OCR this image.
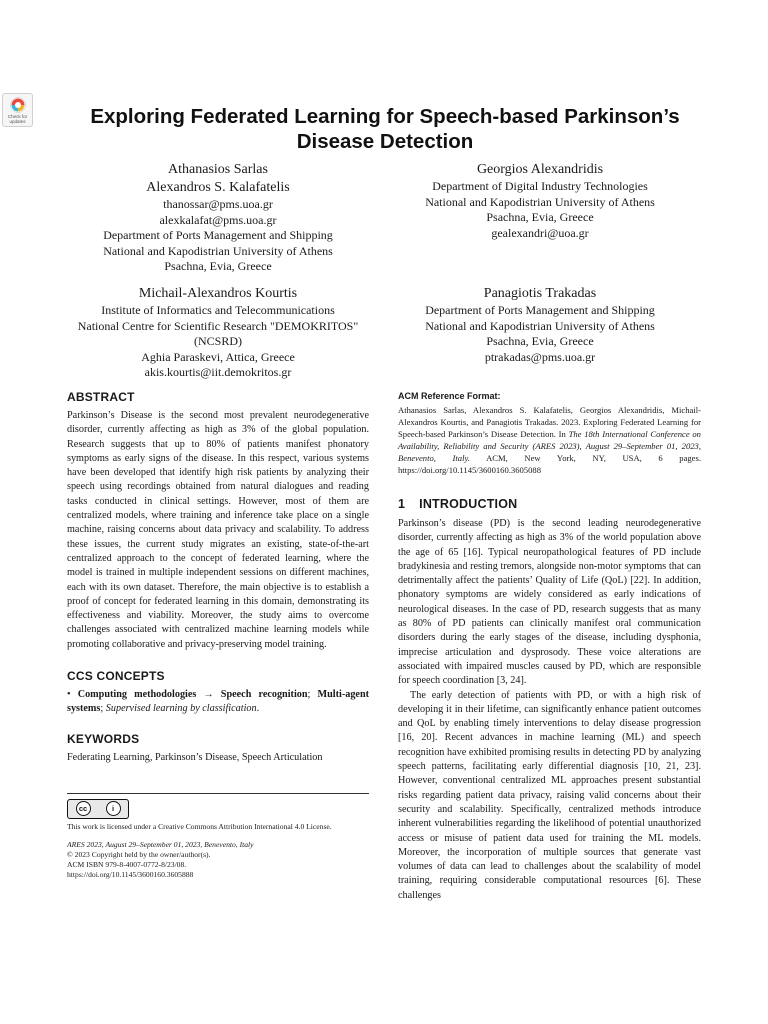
Check for
updates	Exploring Federated Learning for Speech-based Parkinson’s Disease Detection
Athanasios Sarlas
Alexandros S. Kalafatelis
thanossar@pms.uoa.gr
alexkalafat@pms.uoa.gr
Department of Ports Management and Shipping
National and Kapodistrian University of Athens
Psachna, Evia, Greece
Georgios Alexandridis
Department of Digital Industry Technologies
National and Kapodistrian University of Athens
Psachna, Evia, Greece
gealexandri@uoa.gr
Michail-Alexandros Kourtis
Institute of Informatics and Telecommunications
National Centre for Scientific Research "DEMOKRITOS"
(NCSRD)
Aghia Paraskevi, Attica, Greece
akis.kourtis@iit.demokritos.gr
Panagiotis Trakadas
Department of Ports Management and Shipping
National and Kapodistrian University of Athens
Psachna, Evia, Greece
ptrakadas@pms.uoa.gr
ABSTRACT

Parkinson’s Disease is the second most prevalent neurodegenerative disorder, currently affecting as high as 3% of the global population. Research suggests that up to 80% of patients manifest phonatory symptoms as early signs of the disease. In this respect, various systems have been developed that identify high risk patients by analyzing their speech using recordings obtained from natural dialogues and reading tasks conducted in clinical settings. However, most of them are centralized models, where training and inference take place on a single machine, raising concerns about data privacy and scalability. To address these issues, the current study migrates an existing, state-of-the-art centralized approach to the concept of federated learning, where the model is trained in multiple independent sessions on different machines, each with its own dataset. Therefore, the main objective is to establish a proof of concept for federated learning in this domain, demonstrating its effectiveness and viability. Moreover, the study aims to overcome challenges associated with centralized machine learning models while promoting collaborative and privacy-preserving model training.

CCS CONCEPTS

• Computing methodologies → Speech recognition; Multi-agent systems; Supervised learning by classification.

KEYWORDS

Federating Learning, Parkinson’s Disease, Speech Articulation

cc	i

This work is licensed under a Creative Commons Attribution International 4.0 License.

ARES 2023, August 29–September 01, 2023, Benevento, Italy

© 2023 Copyright held by the owner/author(s).

ACM ISBN 979-8-4007-0772-8/23/08.

https://doi.org/10.1145/3600160.3605888

ACM Reference Format:

Athanasios Sarlas, Alexandros S. Kalafatelis, Georgios Alexandridis, Michail-Alexandros Kourtis, and Panagiotis Trakadas. 2023. Exploring Federated Learning for Speech-based Parkinson’s Disease Detection. In The 18th International Conference on Availability, Reliability and Security (ARES 2023), August 29–September 01, 2023, Benevento, Italy. ACM, New York, NY, USA, 6 pages. https://doi.org/10.1145/3600160.3605088

1 INTRODUCTION

Parkinson’s disease (PD) is the second leading neurodegenerative disorder, currently affecting as high as 3% of the world population above the age of 65 [16]. Typical neuropathological features of PD include bradykinesia and resting tremors, alongside non-motor symptoms that can detrimentally affect the patients’ Quality of Life (QoL) [22]. In addition, phonatory symptoms are widely considered as early indications of neurological diseases. In the case of PD, research suggests that as many as 80% of PD patients can clinically manifest oral communication disorders during the early stages of the disease, including dysphonia, imprecise articulation and dysprosody. These voice alterations are associated with impaired muscles caused by PD, which are responsible for speech coordination [3, 24].

The early detection of patients with PD, or with a high risk of developing it in their lifetime, can significantly enhance patient outcomes and QoL by enabling timely interventions to delay disease progression [16, 20]. Recent advances in machine learning (ML) and speech recognition have exhibited promising results in detecting PD by analyzing speech patterns, facilitating early differential diagnosis [10, 21, 23]. However, conventional centralized ML approaches present substantial risks regarding patient data privacy, raising valid concerns about their security and scalability. Specifically, centralized methods introduce inherent vulnerabilities regarding the likelihood of potential unauthorized access or misuse of patient data used for training the ML models. Moreover, the incorporation of multiple sources that generate vast volumes of data can lead to challenges about the scalability of model training, requiring considerable computational resources [6]. These challenges
